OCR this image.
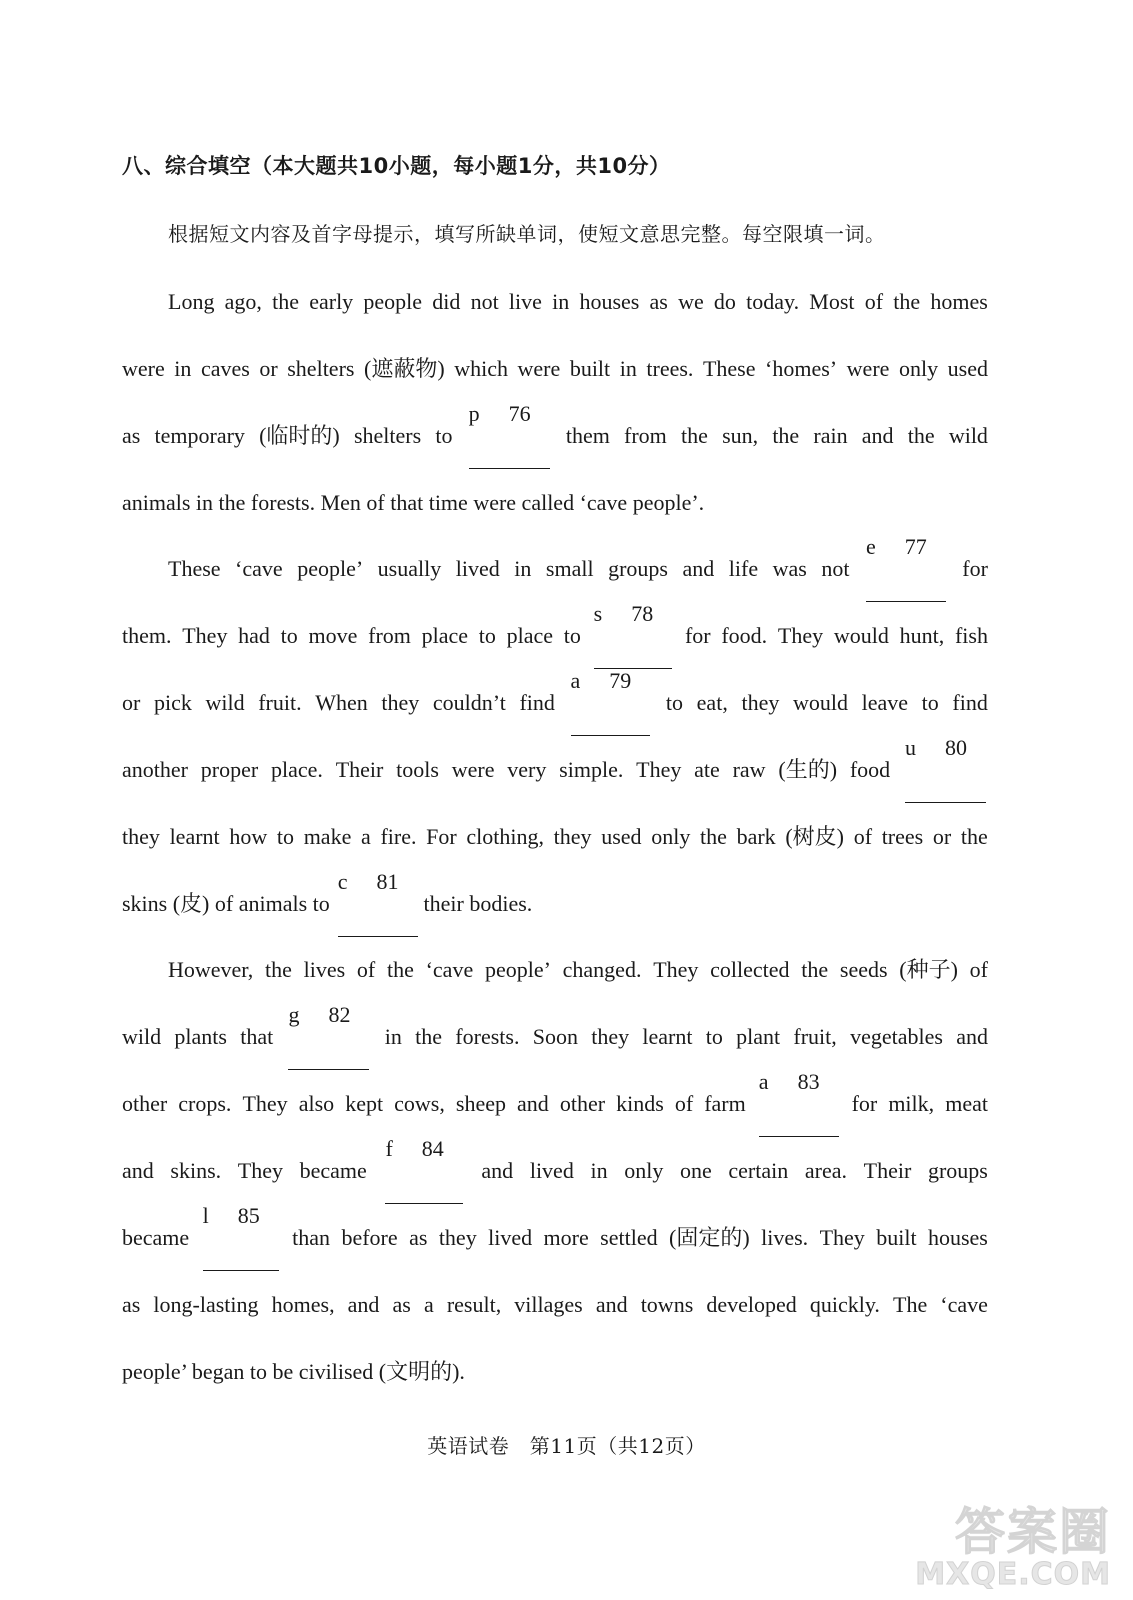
八、综合填空（本大题共10小题，每小题1分，共10分）
根据短文内容及首字母提示，填写所缺单词，使短文意思完整。每空限填一词。
Long ago, the early people did not live in houses as we do today. Most of the homes
were in caves or shelters (遮蔽物) which were built in trees. These ‘homes’ were only used
as temporary (临时的) shelters to
p 76
them from the sun, the rain and the wild
animals in the forests. Men of that time were called ‘cave people’.
These ‘cave people’ usually lived in small groups and life was not
e 77
for
them. They had to move from place to place to
s 78
for food. They would hunt, fish
or pick wild fruit. When they couldn’t find
a 79
to eat, they would leave to find
another proper place. Their tools were very simple. They ate raw (生的) food
u 80
they learnt how to make a fire. For clothing, they used only the bark (树皮) of trees or the
skins (皮) of animals to
c 81
their bodies.
However, the lives of the ‘cave people’ changed. They collected the seeds (种子) of
wild plants that
g 82
in the forests. Soon they learnt to plant fruit, vegetables and
other crops. They also kept cows, sheep and other kinds of farm
a 83
for milk, meat
and skins. They became
f 84
and lived in only one certain area. Their groups
became
l 85
than before as they lived more settled (固定的) lives. They built houses
as long-lasting homes, and as a result, villages and towns developed quickly. The ‘cave
people’ began to be civilised (文明的).
英语试卷　第11页（共12页）
答案圈
MXQE.COM
